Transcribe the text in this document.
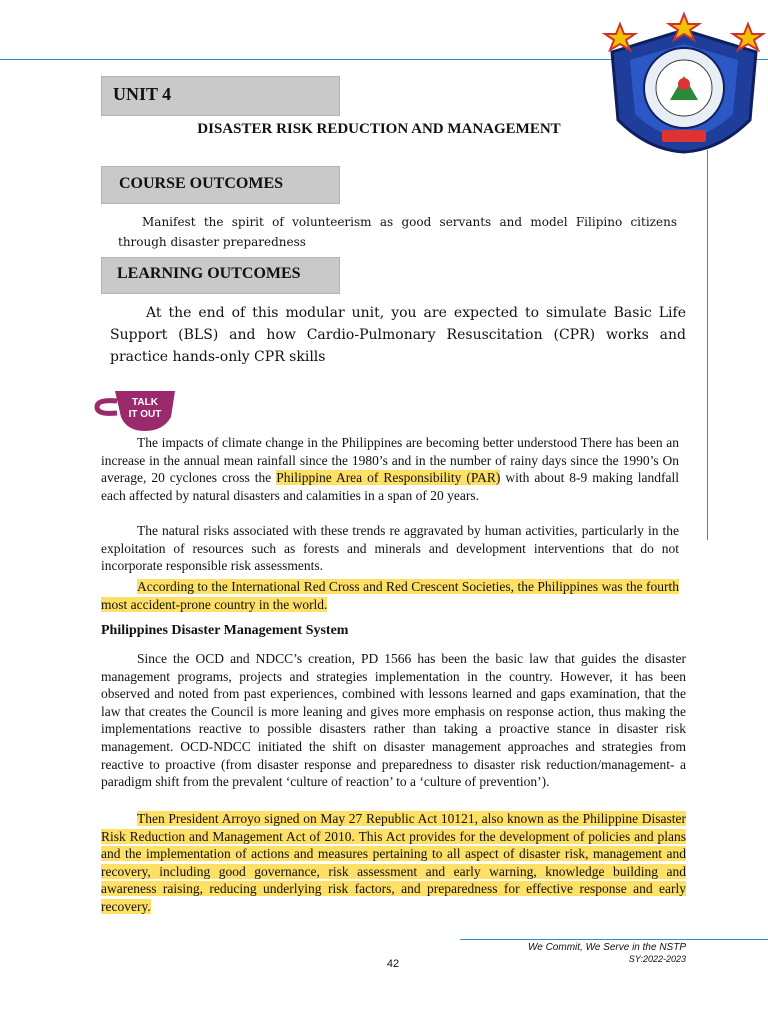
UNIT 4
DISASTER RISK REDUCTION AND MANAGEMENT
COURSE OUTCOMES
Manifest the spirit of volunteerism as good servants and model Filipino citizens through disaster preparedness
LEARNING OUTCOMES
At the end of this modular unit, you are expected to simulate Basic Life Support (BLS) and how Cardio-Pulmonary Resuscitation (CPR) works and practice hands-only CPR skills
TALK
IT OUT
The impacts of climate change in the Philippines are becoming better understood There has been an increase in the annual mean rainfall since the 1980’s and in the number of rainy days since the 1990’s On average, 20 cyclones cross the Philippine Area of Responsibility (PAR) with about 8-9 making landfall each affected by natural disasters and calamities in a span of 20 years.
The natural risks associated with these trends re aggravated by human activities, particularly in the exploitation of resources such as forests and minerals and development interventions that do not incorporate responsible risk assessments.
According to the International Red Cross and Red Crescent Societies, the Philippines was the fourth most accident-prone country in the world.
Philippines Disaster Management System
Since the OCD and NDCC’s creation, PD 1566 has been the basic law that guides the disaster management programs, projects and strategies implementation in the country. However, it has been observed and noted from past experiences, combined with lessons learned and gaps examination, that the law that creates the Council is more leaning and gives more emphasis on response action, thus making the implementations reactive to possible disasters rather than taking a proactive stance in disaster risk management. OCD-NDCC initiated the shift on disaster management approaches and strategies from reactive to proactive (from disaster response and preparedness to disaster risk reduction/management- a paradigm shift from the prevalent ‘culture of reaction’ to a ‘culture of prevention’).
Then President Arroyo signed on May 27 Republic Act 10121, also known as the Philippine Disaster Risk Reduction and Management Act of 2010. This Act provides for the development of policies and plans and the implementation of actions and measures pertaining to all aspect of disaster risk, management and recovery, including good governance, risk assessment and early warning, knowledge building and awareness raising, reducing underlying risk factors, and preparedness for effective response and early recovery.
We Commit, We Serve in the NSTP
SY:2022-2023
42
